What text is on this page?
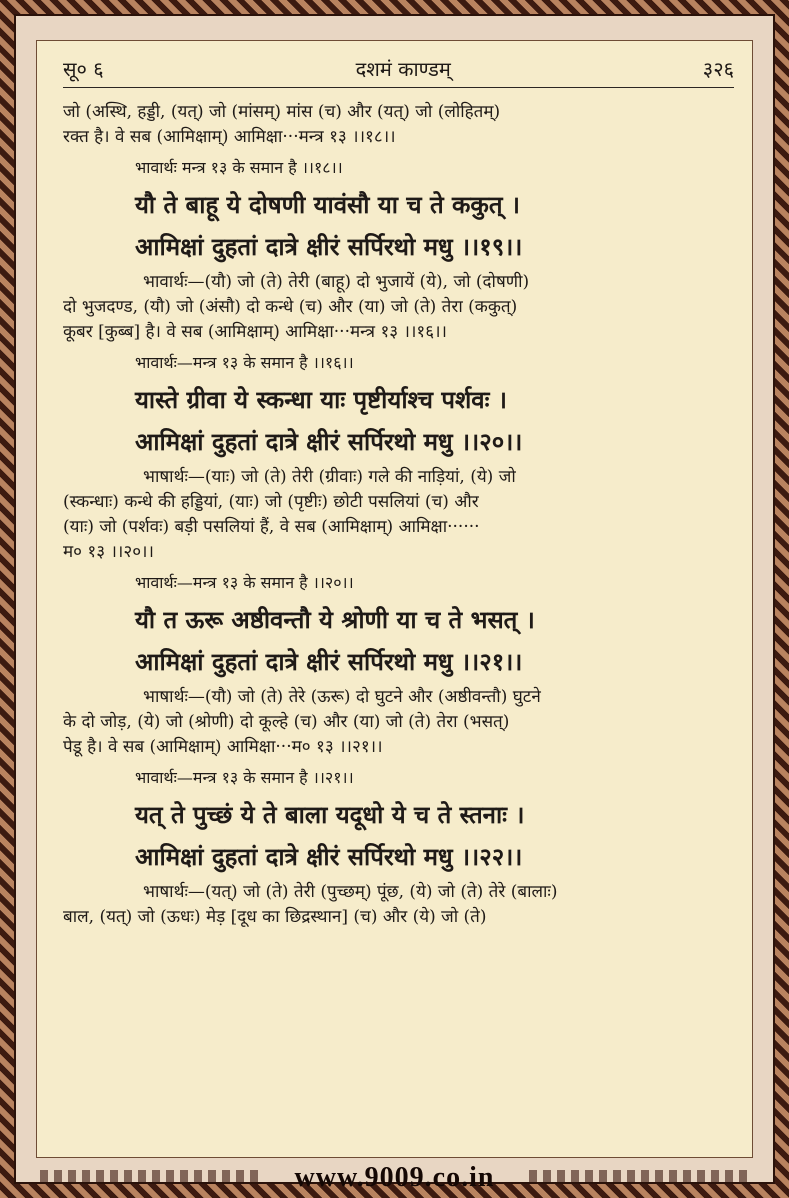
सू० ६	दशमं काण्डम्	३२६

जो (अस्थि, हड्डी, (यत्) जो (मांसम्) मांस (च) और (यत्) जो (लोहितम्)

रक्त है। वे सब (आमिक्षाम्) आमिक्षा···मन्त्र १३ ।।१८।।

भावार्थः मन्त्र १३ के समान है ।।१८।।

यौ ते बाहू ये दोषणी यावंसौ या च ते ककुत् ।

आमिक्षां दुहतां दात्रे क्षीरं सर्पिरथो मधु ।।१९।।

भावार्थः—(यौ) जो (ते) तेरी (बाहू) दो भुजायें (ये), जो (दोषणी)

दो भुजदण्ड, (यौ) जो (अंसौ) दो कन्धे (च) और (या) जो (ते) तेरा (ककुत्)

कूबर [कुब्ब] है। वे सब (आमिक्षाम्) आमिक्षा···मन्त्र १३ ।।१६।।

भावार्थः—मन्त्र १३ के समान है ।।१६।।

यास्ते ग्रीवा ये स्कन्धा याः पृष्टीर्याश्च पर्शवः ।

आमिक्षां दुहतां दात्रे क्षीरं सर्पिरथो मधु ।।२०।।

भाषार्थः—(याः) जो (ते) तेरी (ग्रीवाः) गले की नाड़ियां, (ये) जो

(स्कन्धाः) कन्धे की हड्डियां, (याः) जो (पृष्टीः) छोटी पसलियां (च) और

(याः) जो (पर्शवः) बड़ी पसलियां हैं, वे सब (आमिक्षाम्) आमिक्षा······

म० १३ ।।२०।।

भावार्थः—मन्त्र १३ के समान है ।।२०।।

यौ त ऊरू अष्ठीवन्तौ ये श्रोणी या च ते भसत् ।

आमिक्षां दुहतां दात्रे क्षीरं सर्पिरथो मधु ।।२१।।

भाषार्थः—(यौ) जो (ते) तेरे (ऊरू) दो घुटने और (अष्ठीवन्तौ) घुटने

के दो जोड़, (ये) जो (श्रोणी) दो कूल्हे (च) और (या) जो (ते) तेरा (भसत्)

पेडू है। वे सब (आमिक्षाम्) आमिक्षा···म० १३ ।।२१।।

भावार्थः—मन्त्र १३ के समान है ।।२१।।

यत् ते पुच्छं ये ते बाला यदूधो ये च ते स्तनाः ।

आमिक्षां दुहतां दात्रे क्षीरं सर्पिरथो मधु ।।२२।।

भाषार्थः—(यत्) जो (ते) तेरी (पुच्छम्) पूंछ, (ये) जो (ते) तेरे (बालाः)

बाल, (यत्) जो (ऊधः) मेड़ [दूध का छिद्रस्थान] (च) और (ये) जो (ते)

www.9009.co.in
